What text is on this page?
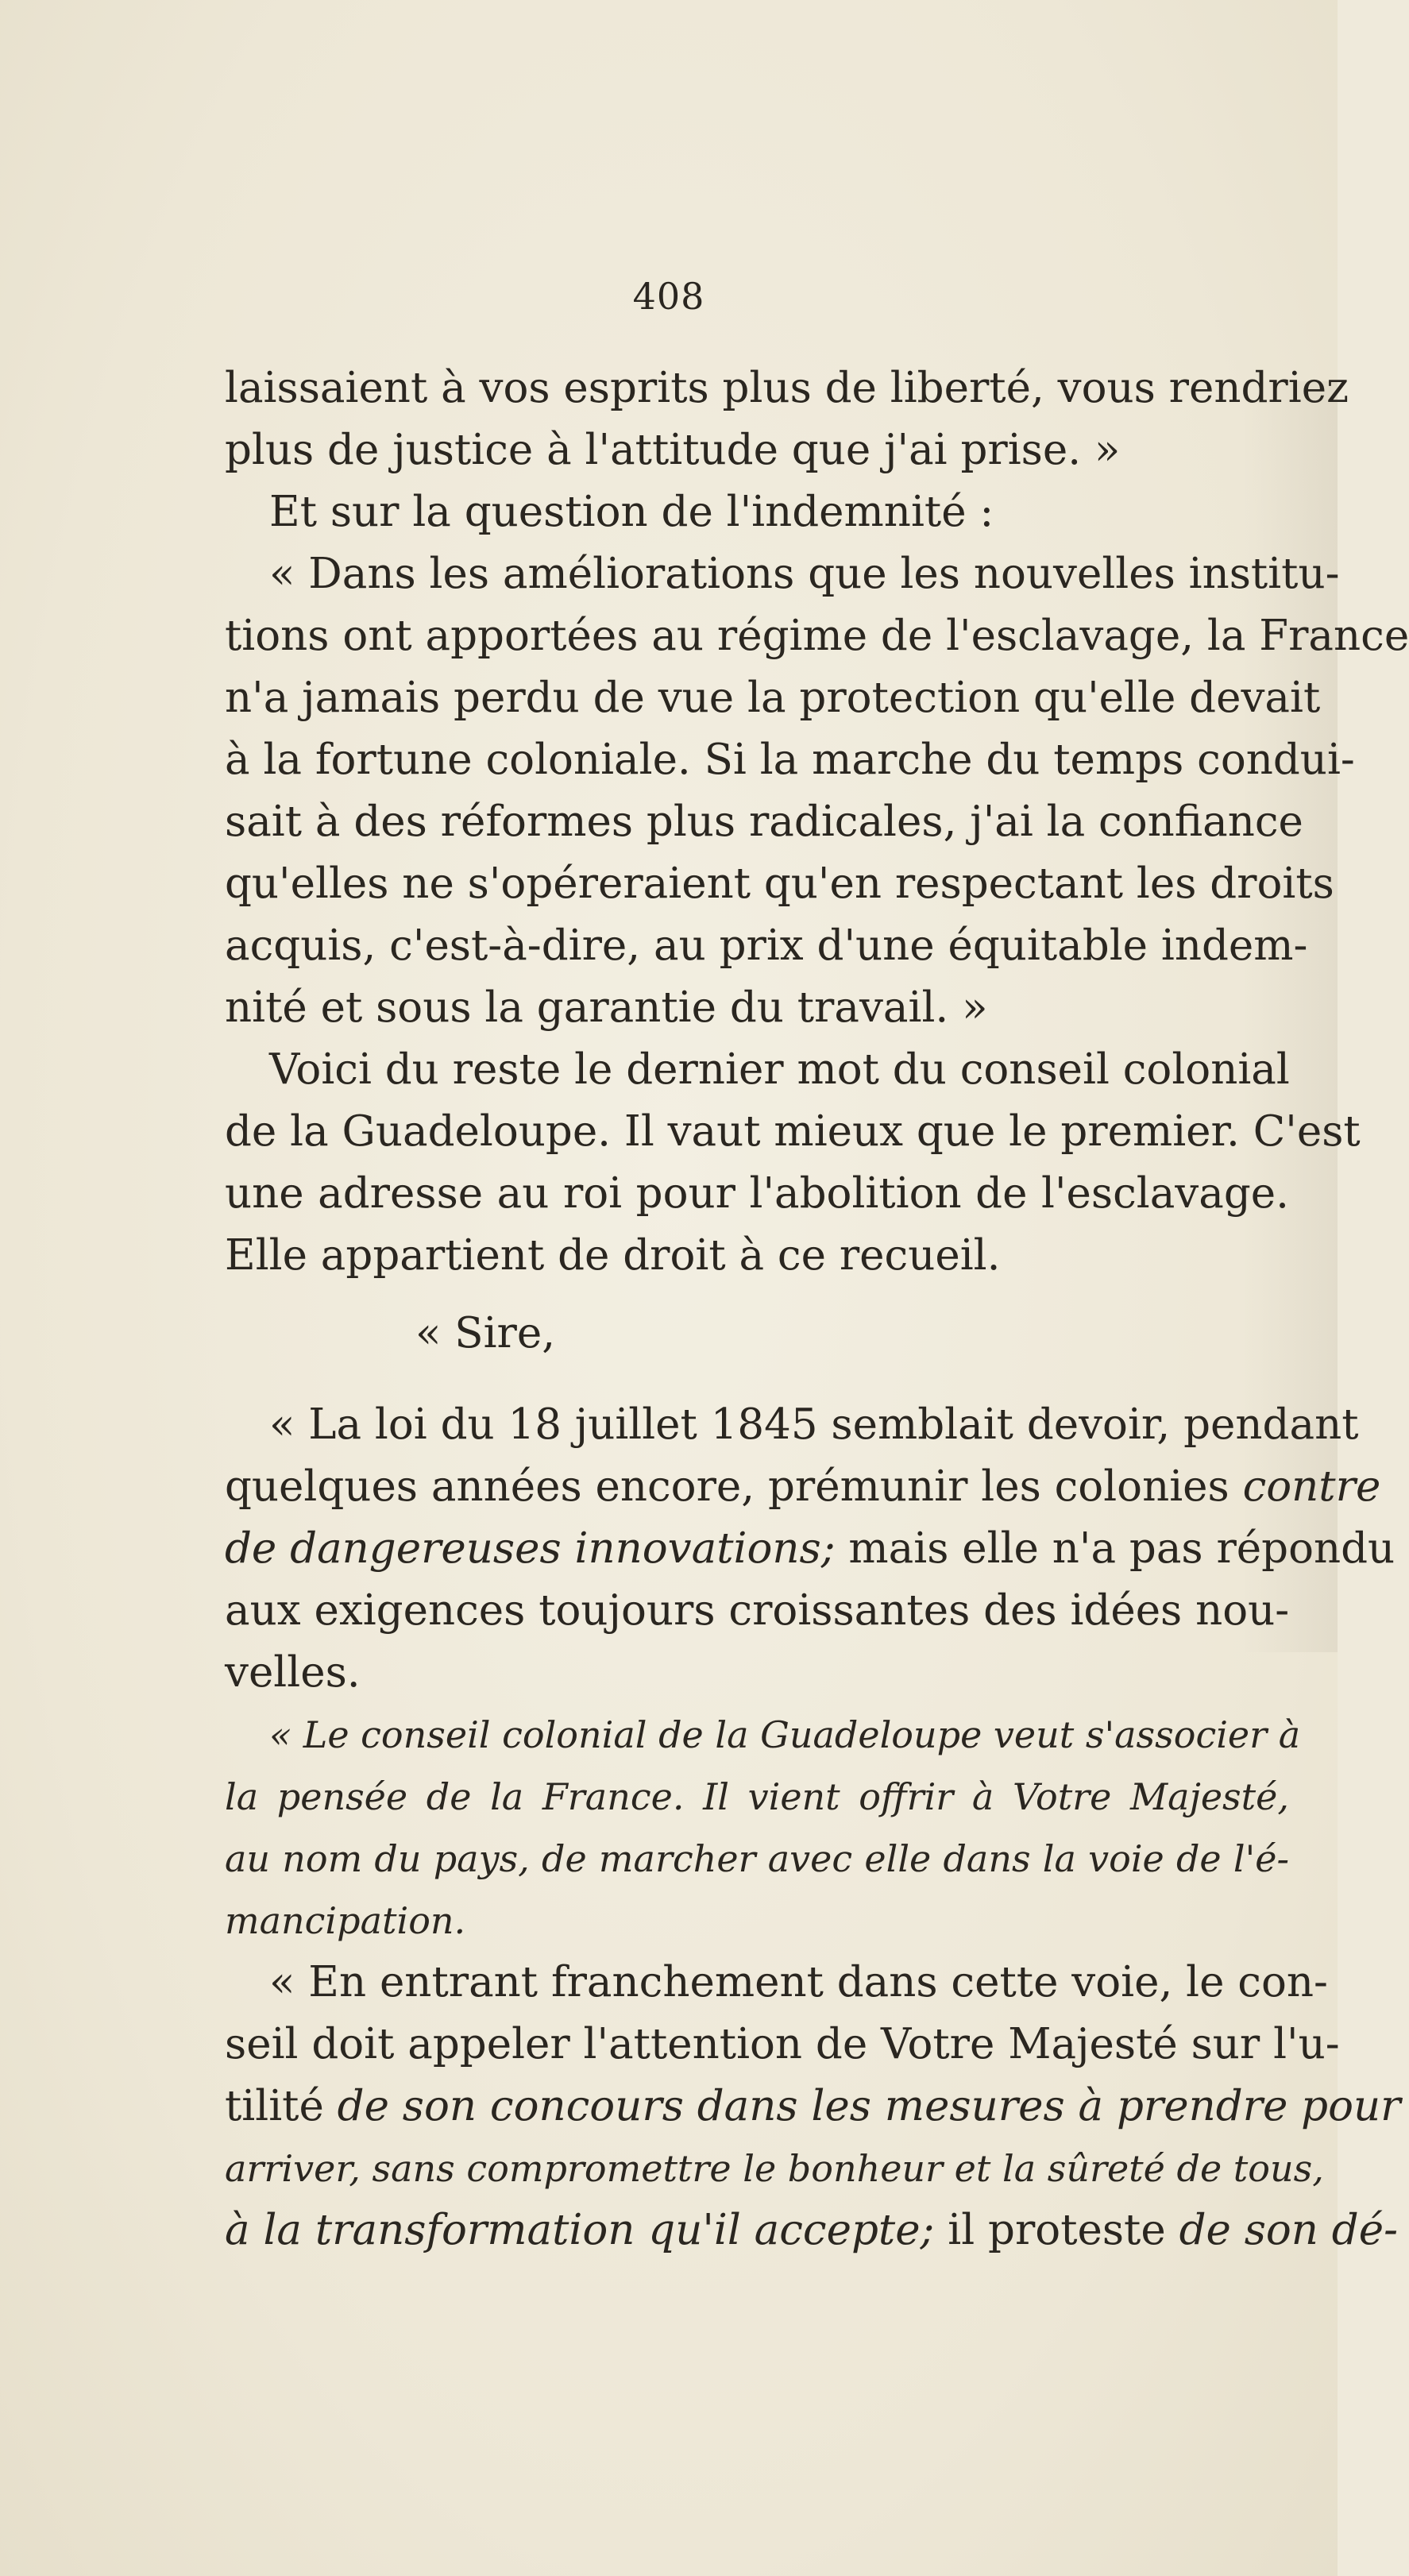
408
laissaient à vos esprits plus de liberté, vous rendriez
plus de justice à l'attitude que j'ai prise. »
Et sur la question de l'indemnité :
« Dans les améliorations que les nouvelles institu-
tions ont apportées au régime de l'esclavage, la France
n'a jamais perdu de vue la protection qu'elle devait
à la fortune coloniale. Si la marche du temps condui-
sait à des réformes plus radicales, j'ai la confiance
qu'elles ne s'opéreraient qu'en respectant les droits
acquis, c'est-à-dire, au prix d'une équitable indem-
nité et sous la garantie du travail. »
Voici du reste le dernier mot du conseil colonial
de la Guadeloupe. Il vaut mieux que le premier. C'est
une adresse au roi pour l'abolition de l'esclavage.
Elle appartient de droit à ce recueil.
« Sire,
« La loi du 18 juillet 1845 semblait devoir, pendant
quelques années encore, prémunir les colonies contre
de dangereuses innovations; mais elle n'a pas répondu
aux exigences toujours croissantes des idées nou-
velles.
« Le conseil colonial de la Guadeloupe veut s'associer à
la pensée de la France. Il vient offrir à Votre Majesté,
au nom du pays, de marcher avec elle dans la voie de l'é-
mancipation.
« En entrant franchement dans cette voie, le con-
seil doit appeler l'attention de Votre Majesté sur l'u-
tilité de son concours dans les mesures à prendre pour
arriver, sans compromettre le bonheur et la sûreté de tous,
à la transformation qu'il accepte; il proteste de son dé-
